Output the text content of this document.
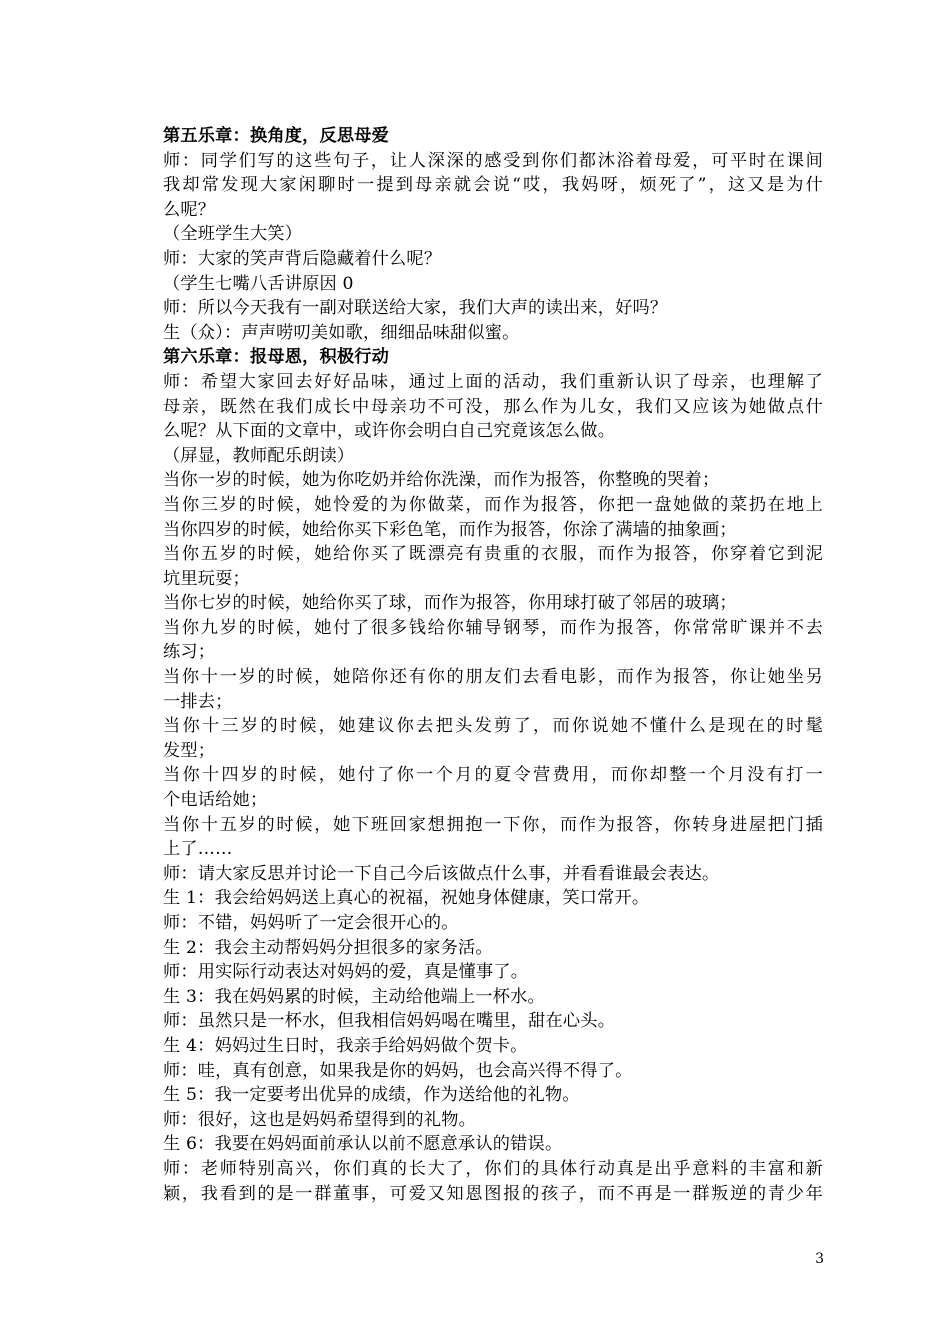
第五乐章：换角度，反思母爱
师：同学们写的这些句子，让人深深的感受到你们都沐浴着母爱，可平时在课间
我却常发现大家闲聊时一提到母亲就会说“哎，我妈呀，烦死了”，这又是为什
么呢？
（全班学生大笑）
师：大家的笑声背后隐藏着什么呢？
（学生七嘴八舌讲原因 0
师：所以今天我有一副对联送给大家，我们大声的读出来，好吗？
生（众）：声声唠叨美如歌，细细品味甜似蜜。
第六乐章：报母恩，积极行动
师：希望大家回去好好品味，通过上面的活动，我们重新认识了母亲，也理解了
母亲，既然在我们成长中母亲功不可没，那么作为儿女，我们又应该为她做点什
么呢？从下面的文章中，或许你会明白自己究竟该怎么做。
（屏显，教师配乐朗读）
当你一岁的时候，她为你吃奶并给你洗澡，而作为报答，你整晚的哭着；
当你三岁的时候，她怜爱的为你做菜，而作为报答，你把一盘她做的菜扔在地上
当你四岁的时候，她给你买下彩色笔，而作为报答，你涂了满墙的抽象画；
当你五岁的时候，她给你买了既漂亮有贵重的衣服，而作为报答，你穿着它到泥
坑里玩耍；
当你七岁的时候，她给你买了球，而作为报答，你用球打破了邻居的玻璃；
当你九岁的时候，她付了很多钱给你辅导钢琴，而作为报答，你常常旷课并不去
练习；
当你十一岁的时候，她陪你还有你的朋友们去看电影，而作为报答，你让她坐另
一排去；
当你十三岁的时候，她建议你去把头发剪了，而你说她不懂什么是现在的时髦
发型；
当你十四岁的时候，她付了你一个月的夏令营费用，而你却整一个月没有打一
个电话给她；
当你十五岁的时候，她下班回家想拥抱一下你，而作为报答，你转身进屋把门插
上了……
师：请大家反思并讨论一下自己今后该做点什么事，并看看谁最会表达。
生 1：我会给妈妈送上真心的祝福，祝她身体健康，笑口常开。
师：不错，妈妈听了一定会很开心的。
生 2：我会主动帮妈妈分担很多的家务活。
师：用实际行动表达对妈妈的爱，真是懂事了。
生 3：我在妈妈累的时候，主动给他端上一杯水。
师：虽然只是一杯水，但我相信妈妈喝在嘴里，甜在心头。
生 4：妈妈过生日时，我亲手给妈妈做个贺卡。
师：哇，真有创意，如果我是你的妈妈，也会高兴得不得了。
生 5：我一定要考出优异的成绩，作为送给他的礼物。
师：很好，这也是妈妈希望得到的礼物。
生 6：我要在妈妈面前承认以前不愿意承认的错误。
师：老师特别高兴，你们真的长大了，你们的具体行动真是出乎意料的丰富和新
颖，我看到的是一群董事，可爱又知恩图报的孩子，而不再是一群叛逆的青少年
3
